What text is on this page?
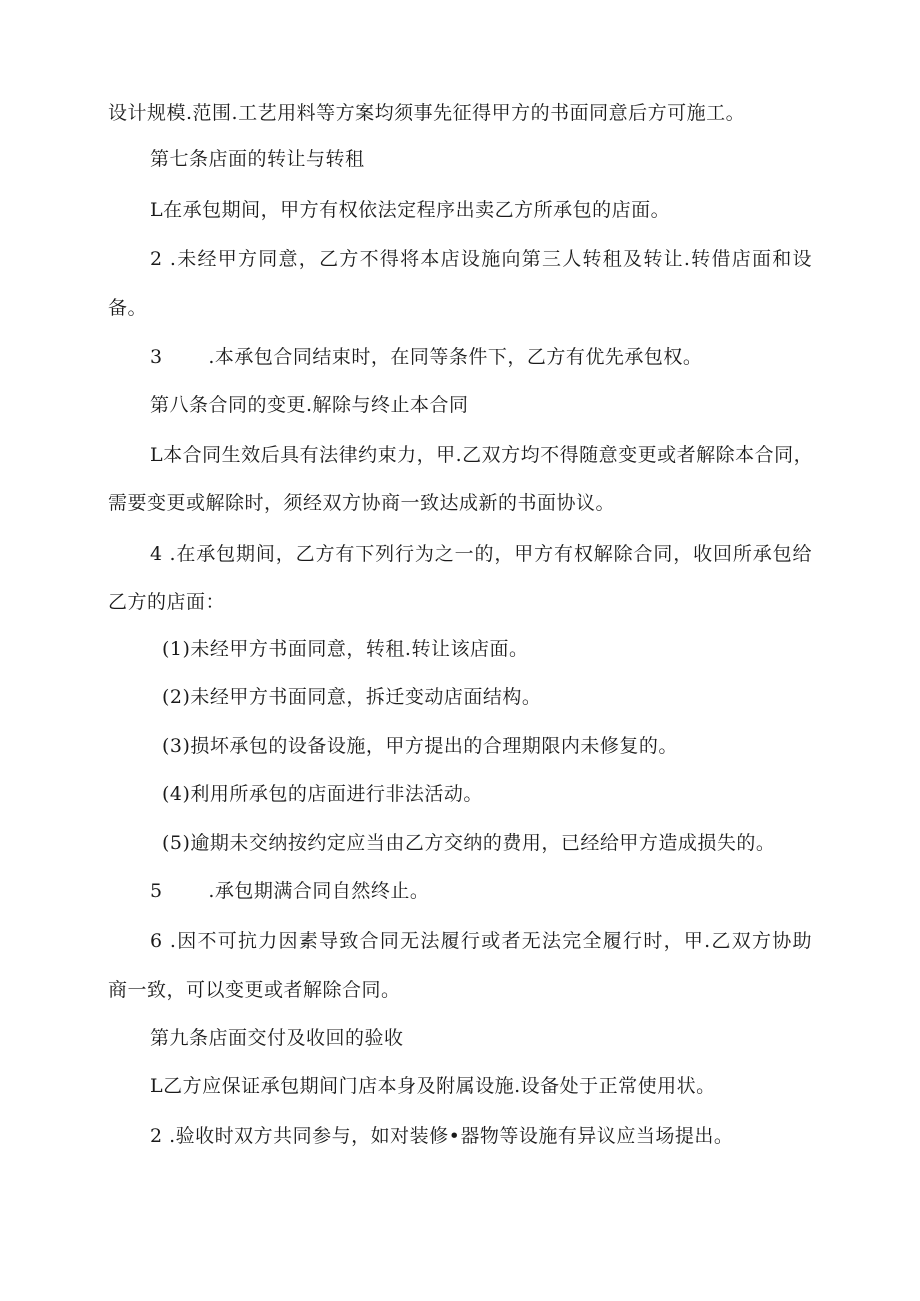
设计规模.范围.工艺用料等方案均须事先征得甲方的书面同意后方可施工。
第七条店面的转让与转租
L在承包期间，甲方有权依法定程序出卖乙方所承包的店面。
2 .未经甲方同意，乙方不得将本店设施向第三人转租及转让.转借店面和设
备。
3       .本承包合同结束时，在同等条件下，乙方有优先承包权。
第八条合同的变更.解除与终止本合同
L本合同生效后具有法律约束力，甲.乙双方均不得随意变更或者解除本合同，
需要变更或解除时，须经双方协商一致达成新的书面协议。
4 .在承包期间，乙方有下列行为之一的，甲方有权解除合同，收回所承包给
乙方的店面：
(1)未经甲方书面同意，转租.转让该店面。
(2)未经甲方书面同意，拆迁变动店面结构。
(3)损坏承包的设备设施，甲方提出的合理期限内未修复的。
(4)利用所承包的店面进行非法活动。
(5)逾期未交纳按约定应当由乙方交纳的费用，已经给甲方造成损失的。
5       .承包期满合同自然终止。
6 .因不可抗力因素导致合同无法履行或者无法完全履行时，甲.乙双方协助
商一致，可以变更或者解除合同。
第九条店面交付及收回的验收
L乙方应保证承包期间门店本身及附属设施.设备处于正常使用状。
2 .验收时双方共同参与，如对装修•器物等设施有异议应当场提出。
